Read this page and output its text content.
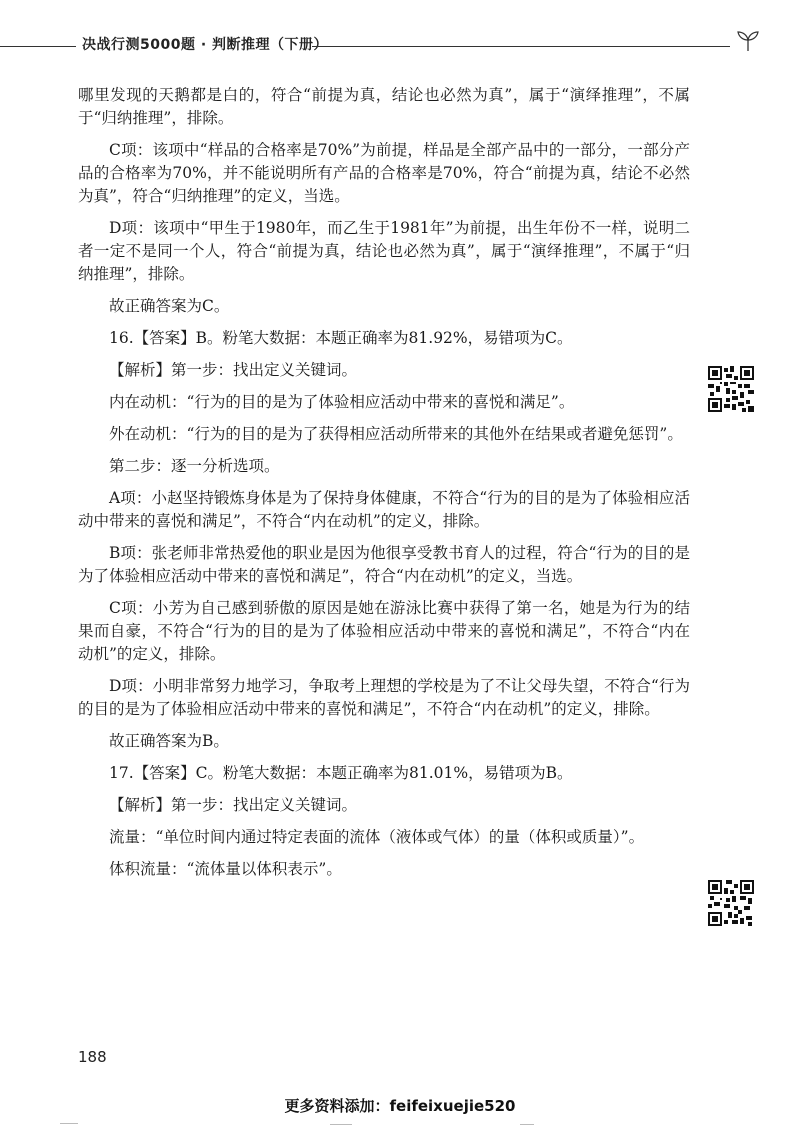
决战行测5000题 · 判断推理（下册）

哪里发现的天鹅都是白的，符合“前提为真，结论也必然为真”，属于“演绎推理”，不属于“归纳推理”，排除。

C项：该项中“样品的合格率是70%”为前提，样品是全部产品中的一部分，一部分产品的合格率为70%，并不能说明所有产品的合格率是70%，符合“前提为真，结论不必然为真”，符合“归纳推理”的定义，当选。

D项：该项中“甲生于1980年，而乙生于1981年”为前提，出生年份不一样，说明二者一定不是同一个人，符合“前提为真，结论也必然为真”，属于“演绎推理”，不属于“归纳推理”，排除。

故正确答案为C。

16.【答案】B。粉笔大数据：本题正确率为81.92%，易错项为C。

【解析】第一步：找出定义关键词。

内在动机：“行为的目的是为了体验相应活动中带来的喜悦和满足”。

外在动机：“行为的目的是为了获得相应活动所带来的其他外在结果或者避免惩罚”。

第二步：逐一分析选项。

A项：小赵坚持锻炼身体是为了保持身体健康，不符合“行为的目的是为了体验相应活动中带来的喜悦和满足”，不符合“内在动机”的定义，排除。

B项：张老师非常热爱他的职业是因为他很享受教书育人的过程，符合“行为的目的是为了体验相应活动中带来的喜悦和满足”，符合“内在动机”的定义，当选。

C项：小芳为自己感到骄傲的原因是她在游泳比赛中获得了第一名，她是为行为的结果而自豪，不符合“行为的目的是为了体验相应活动中带来的喜悦和满足”，不符合“内在动机”的定义，排除。

D项：小明非常努力地学习，争取考上理想的学校是为了不让父母失望，不符合“行为的目的是为了体验相应活动中带来的喜悦和满足”，不符合“内在动机”的定义，排除。

故正确答案为B。

17.【答案】C。粉笔大数据：本题正确率为81.01%，易错项为B。

【解析】第一步：找出定义关键词。

流量：“单位时间内通过特定表面的流体（液体或气体）的量（体积或质量）”。

体积流量：“流体量以体积表示”。

188
更多资料添加：feifeixuejie520
